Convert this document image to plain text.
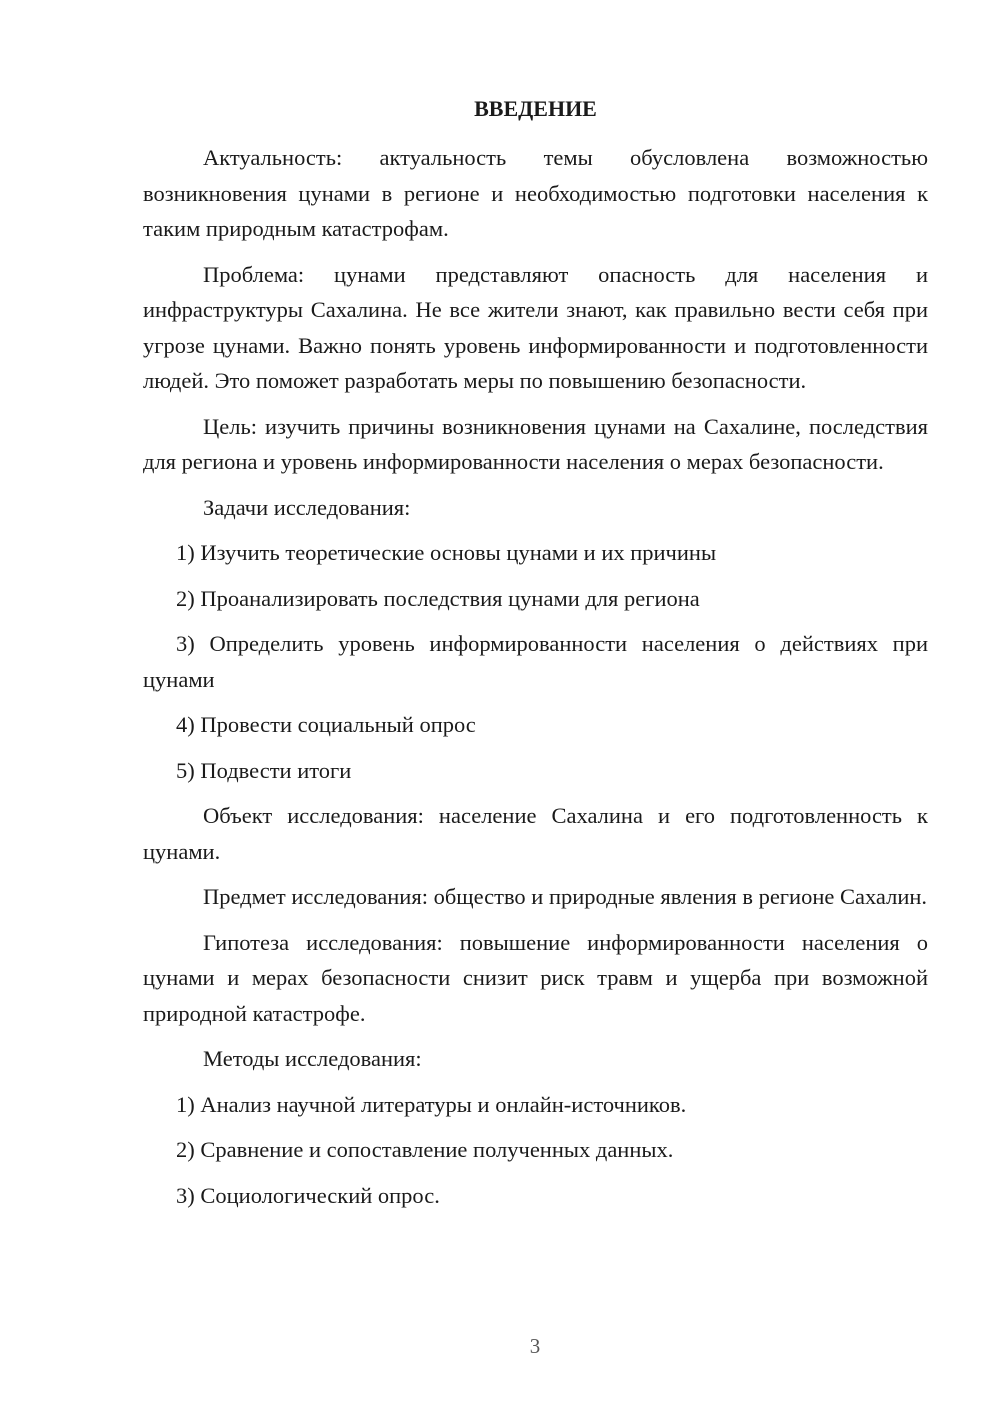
ВВЕДЕНИЕ

Актуальность: актуальность темы обусловлена возможностью возникновения цунами в регионе и необходимостью подготовки населения к таким природным катастрофам.

Проблема: цунами представляют опасность для населения и инфраструктуры Сахалина. Не все жители знают, как правильно вести себя при угрозе цунами. Важно понять уровень информированности и подготовленности людей. Это поможет разработать меры по повышению безопасности.

Цель: изучить причины возникновения цунами на Сахалине, последствия для региона и уровень информированности населения о мерах безопасности.

Задачи исследования:

1) Изучить теоретические основы цунами и их причины

2) Проанализировать последствия цунами для региона

3) Определить уровень информированности населения о действиях при цунами

4) Провести социальный опрос

5) Подвести итоги

Объект исследования: население Сахалина и его подготовленность к цунами.

Предмет исследования: общество и природные явления в регионе Сахалин.

Гипотеза исследования: повышение информированности населения о цунами и мерах безопасности снизит риск травм и ущерба при возможной природной катастрофе.

Методы исследования:

1) Анализ научной литературы и онлайн-источников.

2) Сравнение и сопоставление полученных данных.

3) Социологический опрос.

3
